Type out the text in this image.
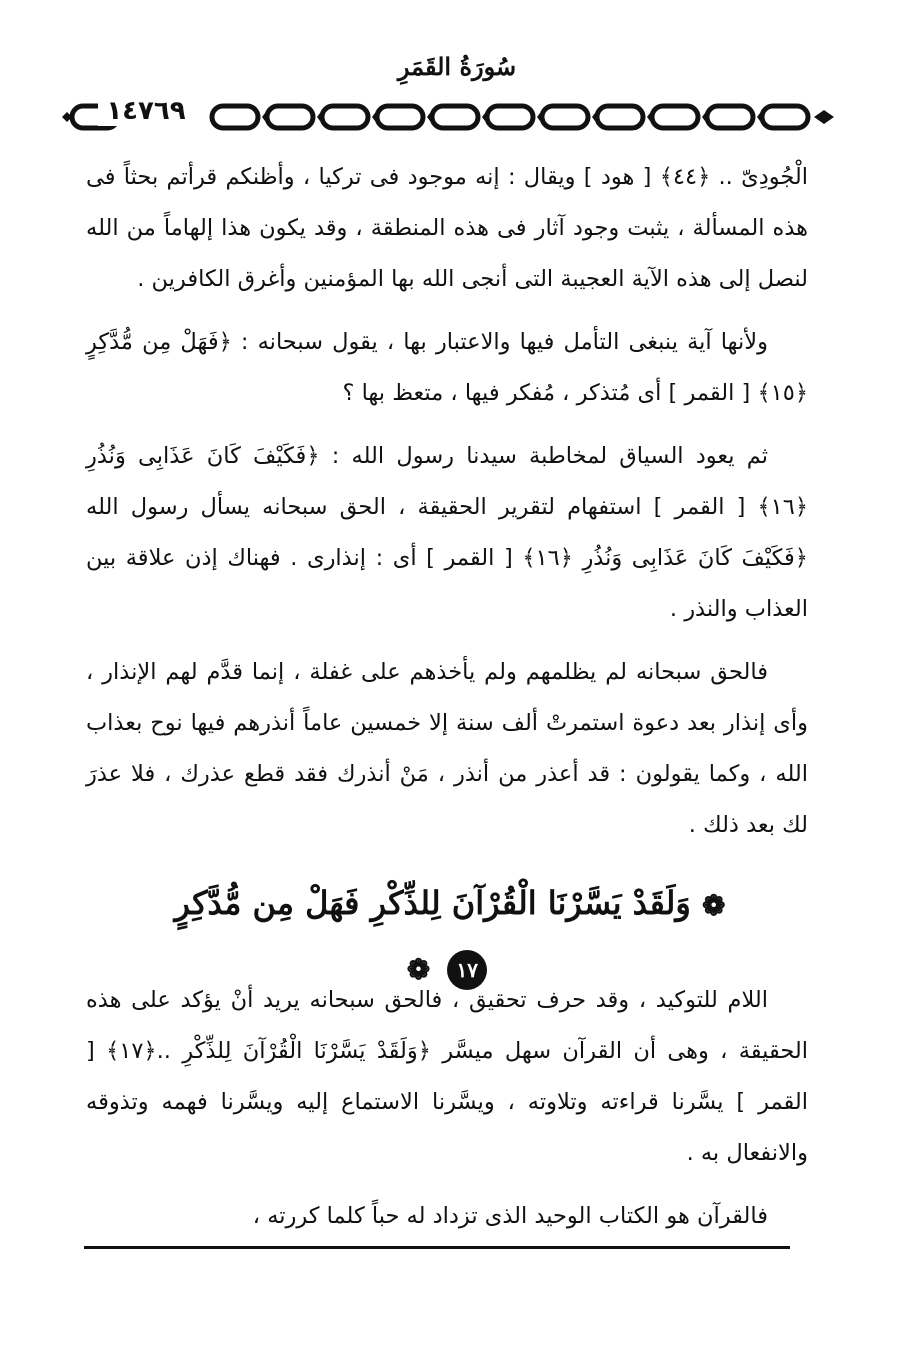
سُورَةُ القَمَرِ
١٤٧٦٩

الْجُودِىّ .. ﴿٤٤﴾ [ هود ] ويقال : إنه موجود فى تركيا ، وأظنكم قرأتم بحثاً فى هذه المسألة ، يثبت وجود آثار فى هذه المنطقة ، وقد يكون هذا إلهاماً من الله لنصل إلى هذه الآية العجيبة التى أنجى الله بها المؤمنين وأغرق الكافرين .

ولأنها آية ينبغى التأمل فيها والاعتبار بها ، يقول سبحانه : ﴿فَهَلْ مِن مُّدَّكِرٍ ﴿١٥﴾ [ القمر ] أى مُتذكر ، مُفكر فيها ، متعظ بها ؟

ثم يعود السياق لمخاطبة سيدنا رسول الله : ﴿فَكَيْفَ كَانَ عَذَابِى وَنُذُرِ ﴿١٦﴾ [ القمر ] استفهام لتقرير الحقيقة ، الحق سبحانه يسأل رسول الله ﴿فَكَيْفَ كَانَ عَذَابِى وَنُذُرِ ﴿١٦﴾ [ القمر ] أى : إنذارى . فهناك إذن علاقة بين العذاب والنذر .

فالحق سبحانه لم يظلمهم ولم يأخذهم على غفلة ، إنما قدَّم لهم الإنذار ، وأى إنذار بعد دعوة استمرتْ ألف سنة إلا خمسين عاماً أنذرهم فيها نوح بعذاب الله ، وكما يقولون : قد أعذر من أنذر ، مَنْ أنذرك فقد قطع عذرك ، فلا عذرَ لك بعد ذلك .

❁ وَلَقَدْ يَسَّرْنَا الْقُرْآنَ لِلذِّكْرِ فَهَلْ مِن مُّدَّكِرٍ ١٧ ❁

اللام للتوكيد ، وقد حرف تحقيق ، فالحق سبحانه يريد أنْ يؤكد على هذه الحقيقة ، وهى أن القرآن سهل ميسَّر ﴿وَلَقَدْ يَسَّرْنَا الْقُرْآنَ لِلذِّكْرِ ..﴿١٧﴾ [ القمر ] يسَّرنا قراءته وتلاوته ، ويسَّرنا الاستماع إليه ويسَّرنا فهمه وتذوقه والانفعال به .

فالقرآن هو الكتاب الوحيد الذى تزداد له حباً كلما كررته ،
